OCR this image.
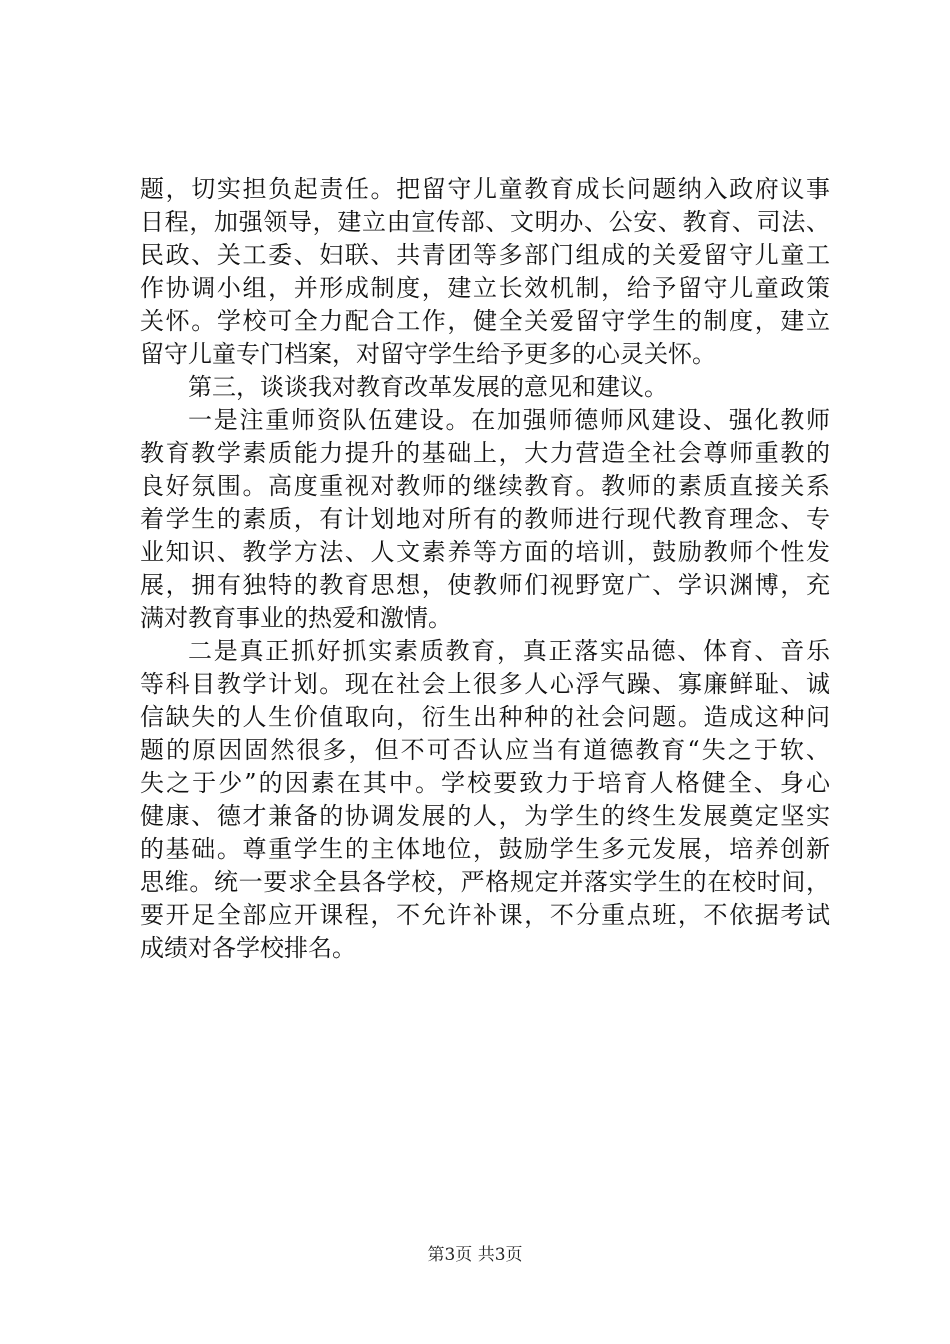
题，切实担负起责任。把留守儿童教育成长问题纳入政府议事
日程，加强领导，建立由宣传部、文明办、公安、教育、司法、
民政、关工委、妇联、共青团等多部门组成的关爱留守儿童工
作协调小组，并形成制度，建立长效机制，给予留守儿童政策
关怀。学校可全力配合工作，健全关爱留守学生的制度，建立
留守儿童专门档案，对留守学生给予更多的心灵关怀。
第三，谈谈我对教育改革发展的意见和建议。
一是注重师资队伍建设。在加强师德师风建设、强化教师
教育教学素质能力提升的基础上，大力营造全社会尊师重教的
良好氛围。高度重视对教师的继续教育。教师的素质直接关系
着学生的素质，有计划地对所有的教师进行现代教育理念、专
业知识、教学方法、人文素养等方面的培训，鼓励教师个性发
展，拥有独特的教育思想，使教师们视野宽广、学识渊博，充
满对教育事业的热爱和激情。
二是真正抓好抓实素质教育，真正落实品德、体育、音乐
等科目教学计划。现在社会上很多人心浮气躁、寡廉鲜耻、诚
信缺失的人生价值取向，衍生出种种的社会问题。造成这种问
题的原因固然很多，但不可否认应当有道德教育“失之于软、
失之于少”的因素在其中。学校要致力于培育人格健全、身心
健康、德才兼备的协调发展的人，为学生的终生发展奠定坚实
的基础。尊重学生的主体地位，鼓励学生多元发展，培养创新
思维。统一要求全县各学校，严格规定并落实学生的在校时间，
要开足全部应开课程，不允许补课，不分重点班，不依据考试
成绩对各学校排名。
第3页 共3页
